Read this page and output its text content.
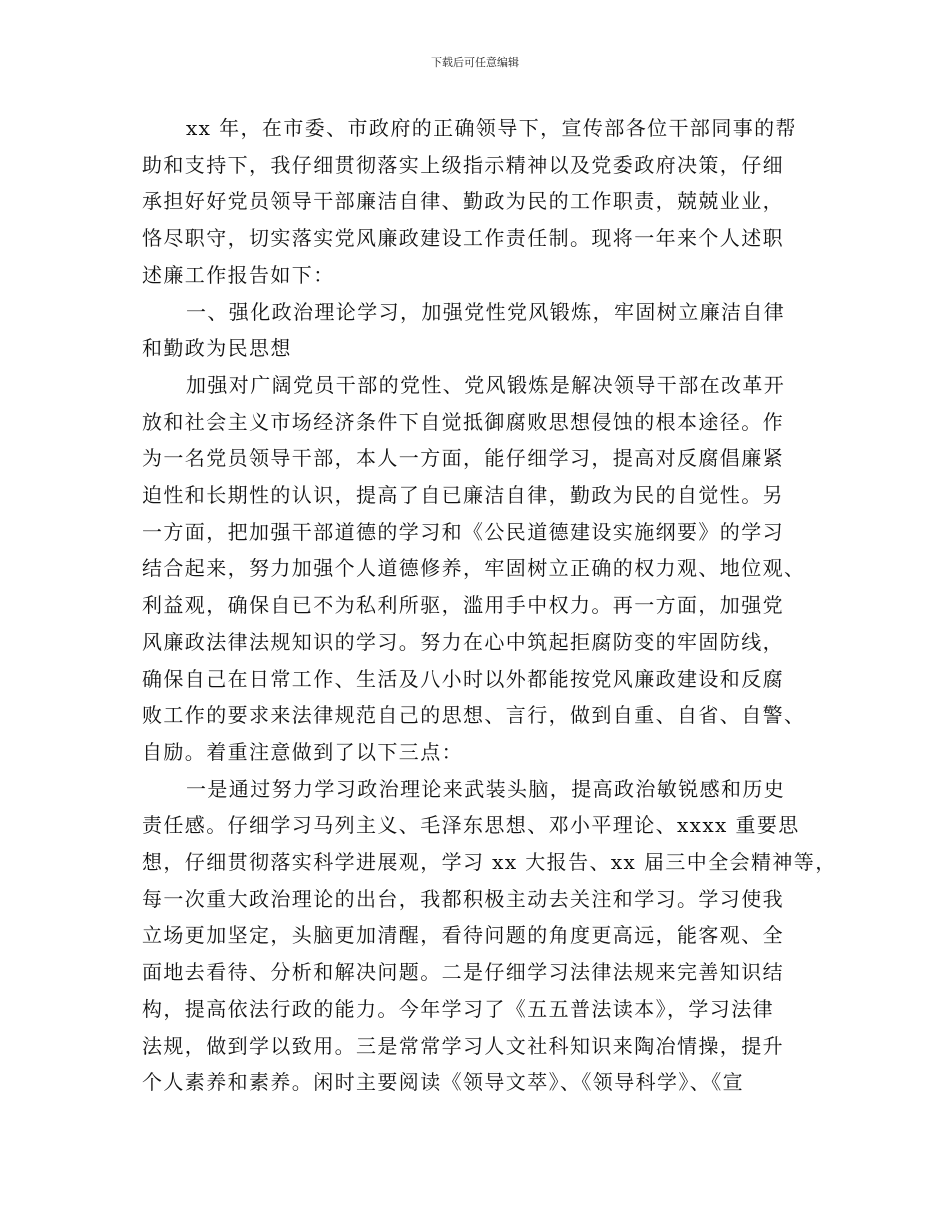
下载后可任意编辑
xx 年，在市委、市政府的正确领导下，宣传部各位干部同事的帮
助和支持下，我仔细贯彻落实上级指示精神以及党委政府决策，仔细
承担好好党员领导干部廉洁自律、勤政为民的工作职责，兢兢业业，
恪尽职守，切实落实党风廉政建设工作责任制。现将一年来个人述职
述廉工作报告如下：
一、强化政治理论学习，加强党性党风锻炼，牢固树立廉洁自律
和勤政为民思想
加强对广阔党员干部的党性、党风锻炼是解决领导干部在改革开
放和社会主义市场经济条件下自觉抵御腐败思想侵蚀的根本途径。作
为一名党员领导干部，本人一方面，能仔细学习，提高对反腐倡廉紧
迫性和长期性的认识，提高了自已廉洁自律，勤政为民的自觉性。另
一方面，把加强干部道德的学习和《公民道德建设实施纲要》的学习
结合起来，努力加强个人道德修养，牢固树立正确的权力观、地位观、
利益观，确保自已不为私利所驱，滥用手中权力。再一方面，加强党
风廉政法律法规知识的学习。努力在心中筑起拒腐防变的牢固防线，
确保自己在日常工作、生活及八小时以外都能按党风廉政建设和反腐
败工作的要求来法律规范自己的思想、言行，做到自重、自省、自警、
自励。着重注意做到了以下三点：
一是通过努力学习政治理论来武装头脑，提高政治敏锐感和历史
责任感。仔细学习马列主义、毛泽东思想、邓小平理论、xxxx 重要思
想，仔细贯彻落实科学进展观，学习 xx 大报告、xx 届三中全会精神等，
每一次重大政治理论的出台，我都积极主动去关注和学习。学习使我
立场更加坚定，头脑更加清醒，看待问题的角度更高远，能客观、全
面地去看待、分析和解决问题。二是仔细学习法律法规来完善知识结
构，提高依法行政的能力。今年学习了《五五普法读本》，学习法律
法规，做到学以致用。三是常常学习人文社科知识来陶冶情操，提升
个人素养和素养。闲时主要阅读《领导文萃》、《领导科学》、《宣
